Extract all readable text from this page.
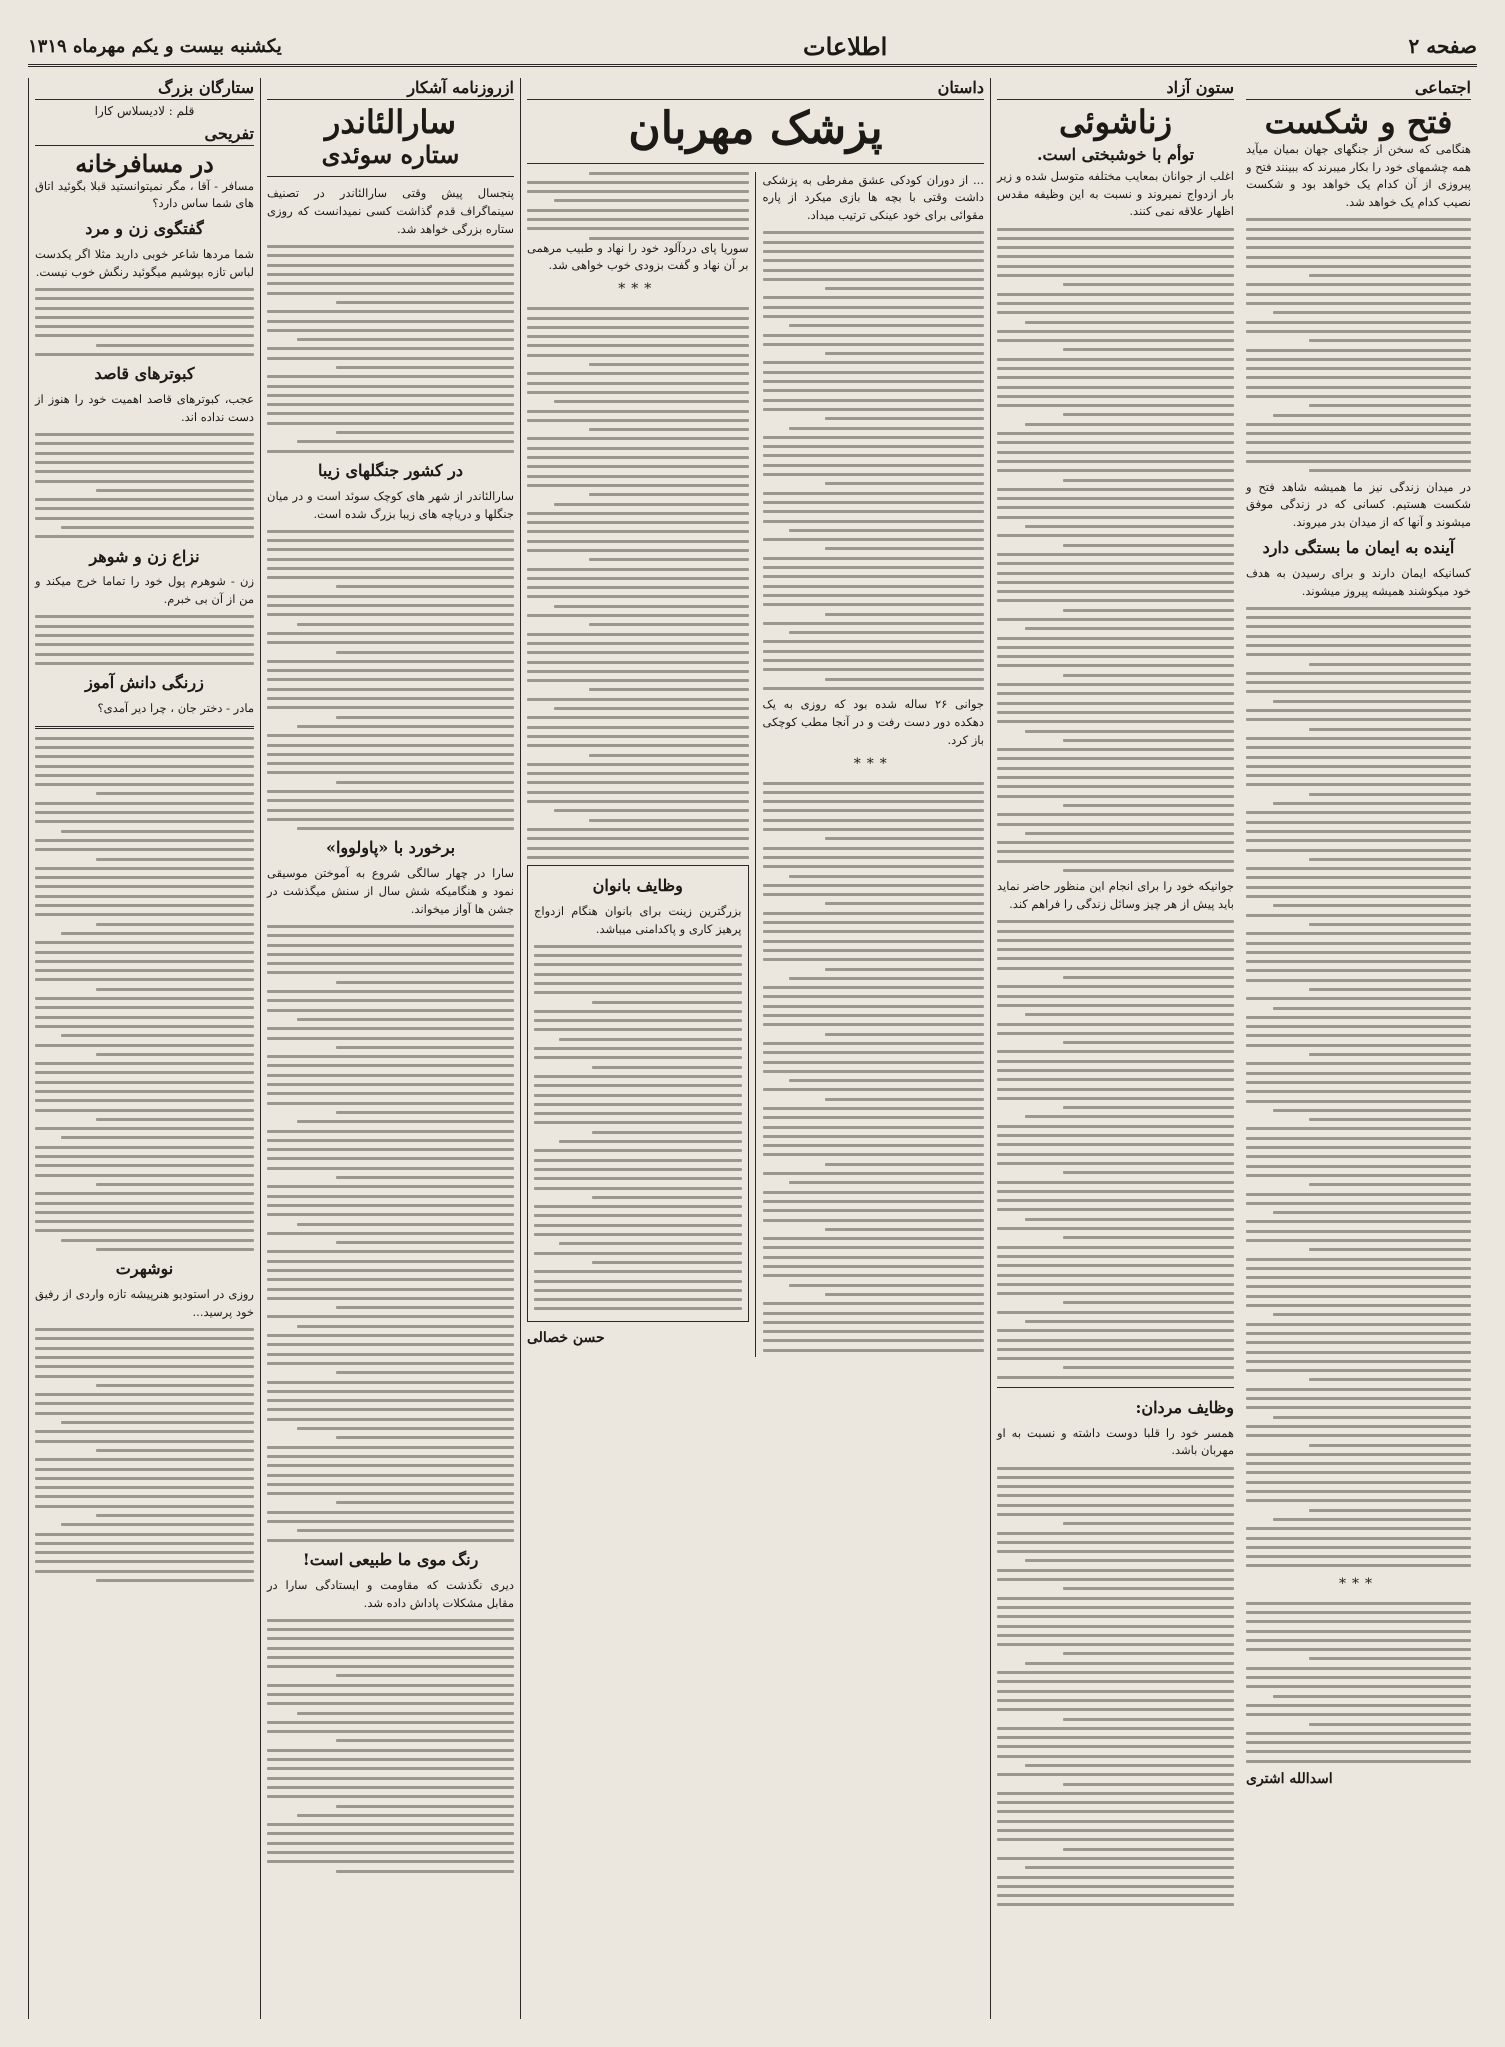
صفحه ۲
اطلاعات
یکشنبه بیست و یکم مهرماه ۱۳۱۹
اجتماعی
فتح و شکست

هنگامی که سخن از جنگهای جهان بمیان میآید همه چشمهای خود را بکار میبرند که ببینند فتح و پیروزی از آن کدام یک خواهد بود و شکست نصیب کدام یک خواهد شد.

در میدان زندگی نیز ما همیشه شاهد فتح و شکست هستیم. کسانی که در زندگی موفق میشوند و آنها که از میدان بدر میروند.

آینده به ایمان ما بستگی دارد

کسانیکه ایمان دارند و برای رسیدن به هدف خود میکوشند همیشه پیروز میشوند.

***
اسدالله اشتری
ستون آزاد
زناشوئی
توأم با خوشبختی است.

اغلب از جوانان بمعایب مختلفه متوسل شده و زیر بار ازدواج نمیروند و نسبت به این وظیفه مقدس اظهار علاقه نمی کنند.

جوانیکه خود را برای انجام این منظور حاضر نماید باید پیش از هر چیز وسائل زندگی را فراهم کند.

وظایف مردان:

همسر خود را قلبا دوست داشته و نسبت به او مهربان باشد.

داستان
پزشک مهربان

... از دوران کودکی عشق مفرطی به پزشکی داشت وقتی با بچه ها بازی میکرد از پاره مقوائی برای خود عینکی ترتیب میداد.

جوانی ۲۶ ساله شده بود که روزی به یک دهکده دور دست رفت و در آنجا مطب کوچکی باز کرد.

***

سوریا پای دردآلود خود را نهاد و طبیب مرهمی بر آن نهاد و گفت بزودی خوب خواهی شد.

***
وظایف بانوان

بزرگترین زینت برای بانوان هنگام ازدواج پرهیز کاری و پاکدامنی میباشد.

حسن خصالی
ازروزنامه آشکار
سارالئاندر
ستاره سوئدی

پنجسال پیش وقتی سارالئاندر در تصنیف سینماگراف قدم گذاشت کسی نمیدانست که روزی ستاره بزرگی خواهد شد.

در کشور جنگلهای زیبا

سارالئاندر از شهر های کوچک سوئد است و در میان جنگلها و دریاچه های زیبا بزرگ شده است.

برخورد با «پاولووا»

سارا در چهار سالگی شروع به آموختن موسیقی نمود و هنگامیکه شش سال از سنش میگذشت در جشن ها آواز میخواند.

رنگ موی ما طبیعی است!

دیری نگذشت که مقاومت و ایستادگی سارا در مقابل مشکلات پاداش داده شد.

ستارگان بزرگ
قلم : لادیسلاس کارا
تفریحی
در مسافرخانه

مسافر - آقا ، مگر نمیتوانستید قبلا بگوئید اتاق های شما ساس دارد؟

گفتگوی زن و مرد

شما مردها شاعر خوبی دارید مثلا اگر یکدست لباس تازه بپوشیم میگوئید رنگش خوب نیست.

کبوترهای قاصد

عجب، کبوترهای قاصد اهمیت خود را هنوز از دست نداده اند.

نزاع زن و شوهر

زن - شوهرم پول خود را تماما خرج میکند و من از آن بی خبرم.

زرنگی دانش آموز

مادر - دختر جان ، چرا دیر آمدی؟

نوشهرت

روزی در استودیو هنرپیشه تازه واردی از رفیق خود پرسید...
